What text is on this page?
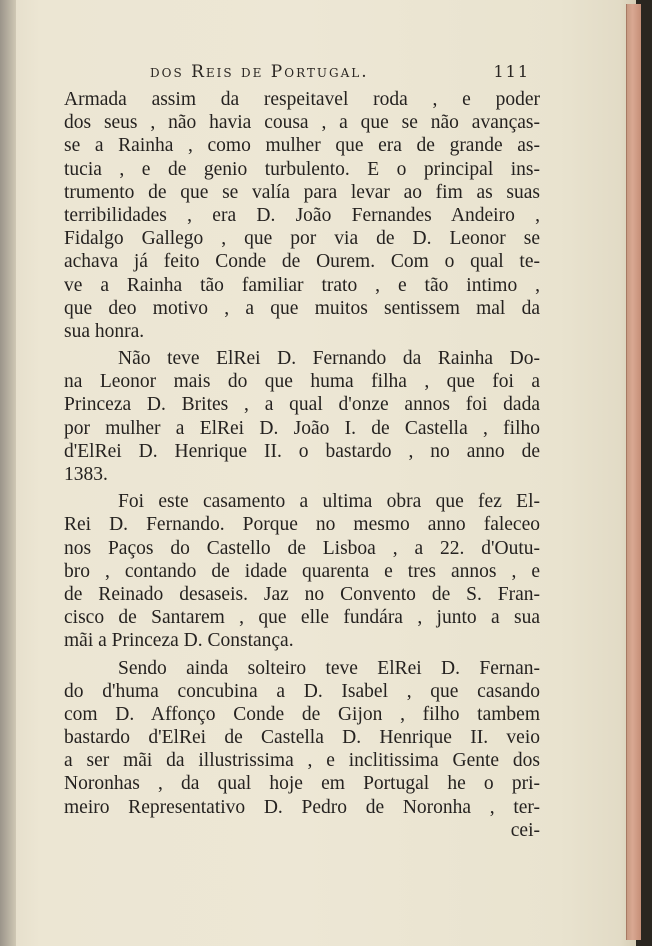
dos Reis de Portugal.	111
Armada assim da respeitavel roda , e poder
dos seus , não havia cousa , a que se não avanças-
se a Rainha , como mulher que era de grande as-
tucia , e de genio turbulento. E o principal ins-
trumento de que se valía para levar ao fim as suas
terribilidades , era D. João Fernandes Andeiro ,
Fidalgo Gallego , que por via de D. Leonor se
achava já feito Conde de Ourem. Com o qual te-
ve a Rainha tão familiar trato , e tão intimo ,
que deo motivo , a que muitos sentissem mal da
sua honra.
Não teve ElRei D. Fernando da Rainha Do-
na Leonor mais do que huma filha , que foi a
Princeza D. Brites , a qual d'onze annos foi dada
por mulher a ElRei D. João I. de Castella , filho
d'ElRei D. Henrique II. o bastardo , no anno de
1383.
Foi este casamento a ultima obra que fez El-
Rei D. Fernando. Porque no mesmo anno faleceo
nos Paços do Castello de Lisboa , a 22. d'Outu-
bro , contando de idade quarenta e tres annos , e
de Reinado desaseis. Jaz no Convento de S. Fran-
cisco de Santarem , que elle fundára , junto a sua
mãi a Princeza D. Constança.
Sendo ainda solteiro teve ElRei D. Fernan-
do d'huma concubina a D. Isabel , que casando
com D. Affonço Conde de Gijon , filho tambem
bastardo d'ElRei de Castella D. Henrique II. veio
a ser mãi da illustrissima , e inclitissima Gente dos
Noronhas , da qual hoje em Portugal he o pri-
meiro Representativo D. Pedro de Noronha , ter-
cei-
